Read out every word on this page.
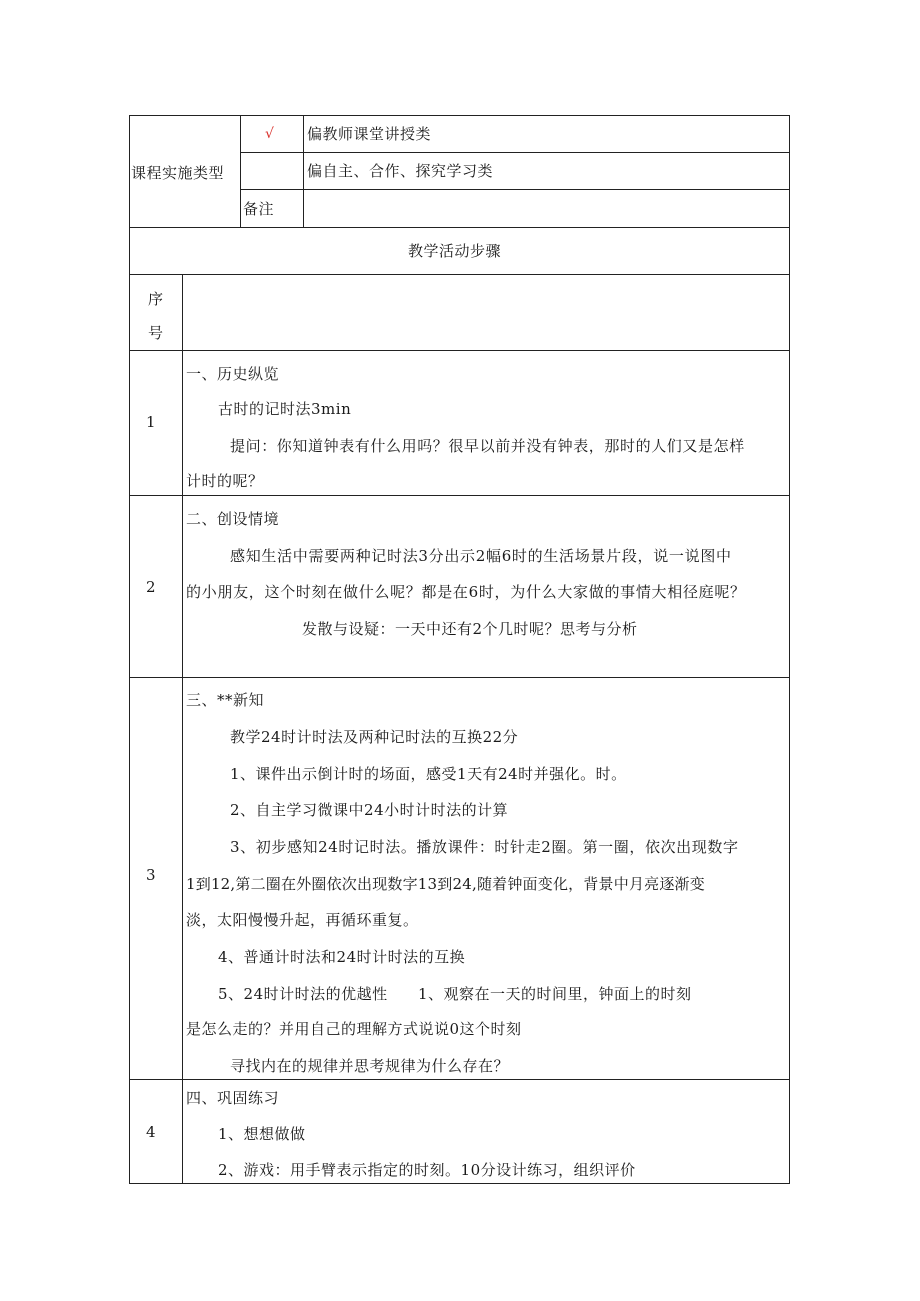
课程实施类型
√ 偏教师课堂讲授类
偏自主、合作、探究学习类
备注
教学活动步骤
序
号
1
一、历史纵览
古时的记时法3min
提问：你知道钟表有什么用吗？很早以前并没有钟表，那时的人们又是怎样
计时的呢？
2
二、创设情境
感知生活中需要两种记时法3分出示2幅6时的生活场景片段，说一说图中
的小朋友，这个时刻在做什么呢？都是在6时，为什么大家做的事情大相径庭呢？
发散与设疑：一天中还有2个几时呢？思考与分析
3
三、**新知
教学24时计时法及两种记时法的互换22分
1、课件出示倒计时的场面，感受1天有24时并强化。时。
2、自主学习微课中24小时计时法的计算
3、初步感知24时记时法。播放课件：时针走2圈。第一圈，依次出现数字
1到12,第二圈在外圈依次出现数字13到24,随着钟面变化，背景中月亮逐渐变
淡，太阳慢慢升起，再循环重复。
4、普通计时法和24时计时法的互换
5、24时计时法的优越性 1、观察在一天的时间里，钟面上的时刻
是怎么走的？并用自己的理解方式说说0这个时刻
寻找内在的规律并思考规律为什么存在？
4
四、巩固练习
1、想想做做
2、游戏：用手臂表示指定的时刻。10分设计练习，组织评价
